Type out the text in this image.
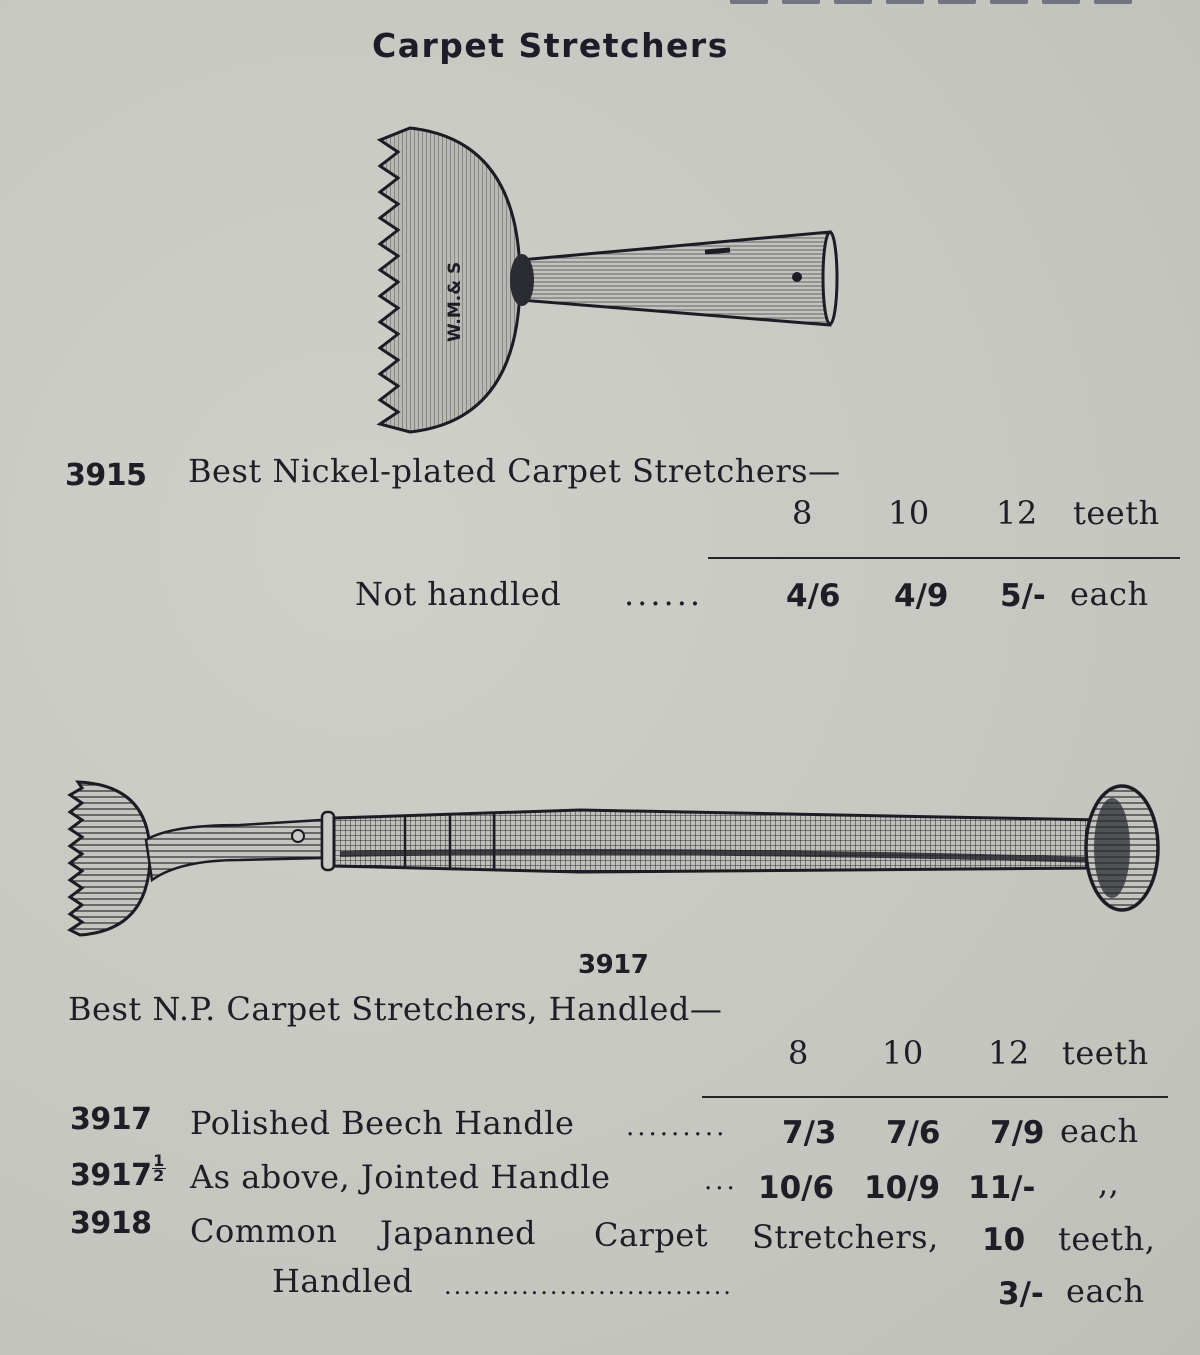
Carpet Stretchers
W.M.& S
3915 Best Nickel-plated Carpet Stretchers—
8 10 12 teeth
Not handled ......	4/6 4/9 5/- each
3917
Best N.P. Carpet Stretchers, Handled—
8 10 12 teeth
3917 Polished Beech Handle ......... 7/3 7/6 7/9 each
$3917 \frac{1}{2}$ As above, Jointed Handle	... 10/6 10/9 11/- ,,
3918 Common Japanned Carpet Stretchers, 10 teeth,
Handled ..............................	3/- each
